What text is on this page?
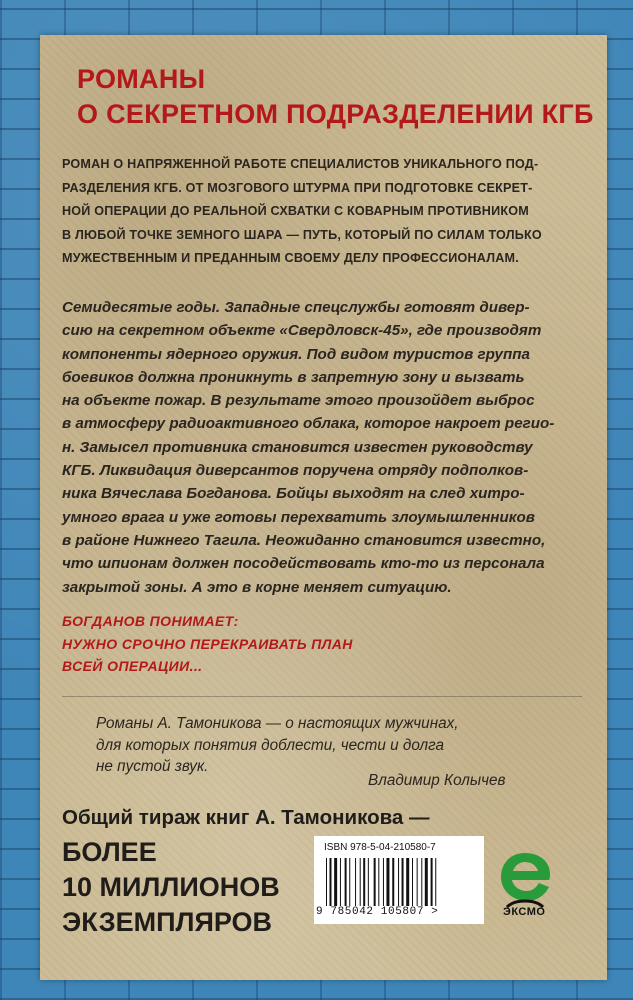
РОМАНЫ
О СЕКРЕТНОМ ПОДРАЗДЕЛЕНИИ КГБ
РОМАН О НАПРЯЖЕННОЙ РАБОТЕ СПЕЦИАЛИСТОВ УНИКАЛЬНОГО ПОД-
РАЗДЕЛЕНИЯ КГБ. ОТ МОЗГОВОГО ШТУРМА ПРИ ПОДГОТОВКЕ СЕКРЕТ-
НОЙ ОПЕРАЦИИ ДО РЕАЛЬНОЙ СХВАТКИ С КОВАРНЫМ ПРОТИВНИКОМ
В ЛЮБОЙ ТОЧКЕ ЗЕМНОГО ШАРА — ПУТЬ, КОТОРЫЙ ПО СИЛАМ ТОЛЬКО
МУЖЕСТВЕННЫМ И ПРЕДАННЫМ СВОЕМУ ДЕЛУ ПРОФЕССИОНАЛАМ.
Семидесятые годы. Западные спецслужбы готовят дивер-
сию на секретном объекте «Свердловск-45», где производят
компоненты ядерного оружия. Под видом туристов группа
боевиков должна проникнуть в запретную зону и вызвать
на объекте пожар. В результате этого произойдет выброс
в атмосферу радиоактивного облака, которое накроет регио-
н. Замысел противника становится известен руководству
КГБ. Ликвидация диверсантов поручена отряду подполков-
ника Вячеслава Богданова. Бойцы выходят на след хитро-
умного врага и уже готовы перехватить злоумышленников
в районе Нижнего Тагила. Неожиданно становится известно,
что шпионам должен посодействовать кто-то из персонала
закрытой зоны. А это в корне меняет ситуацию.
БОГДАНОВ ПОНИМАЕТ:
НУЖНО СРОЧНО ПЕРЕКРАИВАТЬ ПЛАН
ВСЕЙ ОПЕРАЦИИ...
Романы А. Тамоникова — о настоящих мужчинах,
для которых понятия доблести, чести и долга
не пустой звук.
Владимир Колычев
Общий тираж книг А. Тамоникова —
БОЛЕЕ
10 МИЛЛИОНОВ
ЭКЗЕМПЛЯРОВ
ISBN 978-5-04-210580-7
9 785042 105807 >	ЭКСМО
